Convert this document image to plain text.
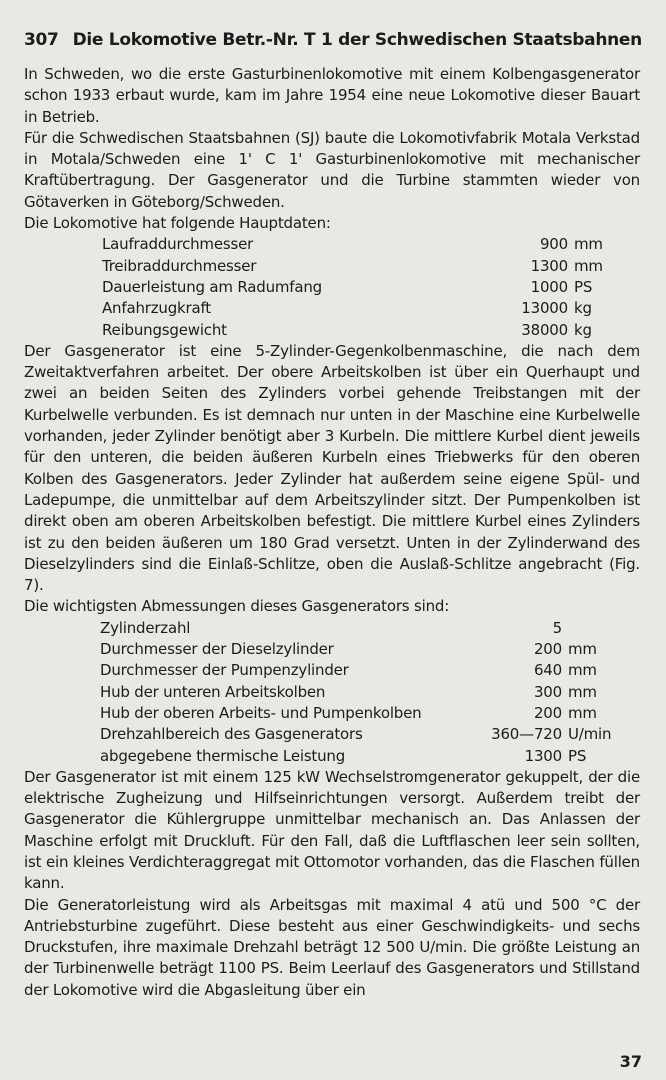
307 Die Lokomotive Betr.-Nr. T 1 der Schwedischen Staatsbahnen
In Schweden, wo die erste Gasturbinenlokomotive mit einem Kolbengasgenerator schon 1933 erbaut wurde, kam im Jahre 1954 eine neue Lokomotive dieser Bauart in Betrieb.
Für die Schwedischen Staatsbahnen (SJ) baute die Lokomotivfabrik Motala Verkstad in Motala/Schweden eine 1' C 1' Gasturbinenlokomotive mit mechanischer Kraftübertragung. Der Gasgenerator und die Turbine stammten wieder von Götaverken in Göteborg/Schweden.
Die Lokomotive hat folgende Hauptdaten:
Laufraddurchmesser	900 mm
Treibraddurchmesser	1300 mm
Dauerleistung am Radumfang	1000 PS
Anfahrzugkraft	13000 kg
Reibungsgewicht	38000 kg
Der Gasgenerator ist eine 5-Zylinder-Gegenkolbenmaschine, die nach dem Zweitaktverfahren arbeitet. Der obere Arbeitskolben ist über ein Querhaupt und zwei an beiden Seiten des Zylinders vorbei gehende Treibstangen mit der Kurbelwelle verbunden. Es ist demnach nur unten in der Maschine eine Kurbelwelle vorhanden, jeder Zylinder benötigt aber 3 Kurbeln. Die mittlere Kurbel dient jeweils für den unteren, die beiden äußeren Kurbeln eines Triebwerks für den oberen Kolben des Gasgenerators. Jeder Zylinder hat außerdem seine eigene Spül- und Ladepumpe, die unmittelbar auf dem Arbeitszylinder sitzt. Der Pumpenkolben ist direkt oben am oberen Arbeitskolben befestigt. Die mittlere Kurbel eines Zylinders ist zu den beiden äußeren um 180 Grad versetzt. Unten in der Zylinderwand des Dieselzylinders sind die Einlaß-Schlitze, oben die Auslaß-Schlitze angebracht (Fig. 7).
Die wichtigsten Abmessungen dieses Gasgenerators sind:
Zylinderzahl	5
Durchmesser der Dieselzylinder	200 mm
Durchmesser der Pumpenzylinder	640 mm
Hub der unteren Arbeitskolben	300 mm
Hub der oberen Arbeits- und Pumpenkolben	200 mm
Drehzahlbereich des Gasgenerators	360—720 U/min
abgegebene thermische Leistung	1300 PS
Der Gasgenerator ist mit einem 125 kW Wechselstromgenerator gekuppelt, der die elektrische Zugheizung und Hilfseinrichtungen versorgt. Außerdem treibt der Gasgenerator die Kühlergruppe unmittelbar mechanisch an. Das Anlassen der Maschine erfolgt mit Druckluft. Für den Fall, daß die Luftflaschen leer sein sollten, ist ein kleines Verdichteraggregat mit Ottomotor vorhanden, das die Flaschen füllen kann.
Die Generatorleistung wird als Arbeitsgas mit maximal 4 atü und 500 °C der Antriebsturbine zugeführt. Diese besteht aus einer Geschwindigkeits- und sechs Druckstufen, ihre maximale Drehzahl beträgt 12 500 U/min. Die größte Leistung an der Turbinenwelle beträgt 1100 PS. Beim Leerlauf des Gasgenerators und Stillstand der Lokomotive wird die Abgasleitung über ein
37
